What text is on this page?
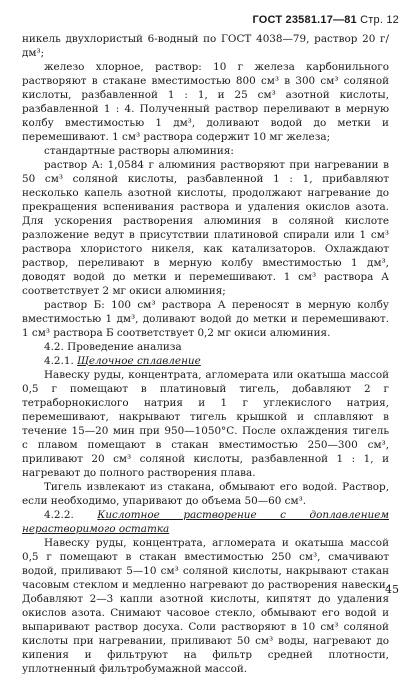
ГОСТ 23581.17—81 Стр. 12

никель двухлористый 6-водный по ГОСТ 4038—79, раствор 20 г/дм³;

железо хлорное, раствор: 10 г железа карбонильного растворяют в стакане вместимостью 800 см³ в 300 см³ соляной кислоты, разбавленной 1 : 1, и 25 см³ азотной кислоты, разбавленной 1 : 4. Полученный раствор переливают в мерную колбу вместимостью 1 дм³, доливают водой до метки и перемешивают. 1 см³ раствора содержит 10 мг железа;

стандартные растворы алюминия:

раствор А: 1,0584 г алюминия растворяют при нагревании в 50 см³ соляной кислоты, разбавленной 1 : 1, прибавляют несколько капель азотной кислоты, продолжают нагревание до прекращения вспенивания раствора и удаления окислов азота. Для ускорения растворения алюминия в соляной кислоте разложение ведут в присутствии платиновой спирали или 1 см³ раствора хлористого никеля, как катализаторов. Охлаждают раствор, переливают в мерную колбу вместимостью 1 дм³, доводят водой до метки и перемешивают. 1 см³ раствора А соответствует 2 мг окиси алюминия;

раствор Б: 100 см³ раствора А переносят в мерную колбу вместимостью 1 дм³, доливают водой до метки и перемешивают. 1 см³ раствора Б соответствует 0,2 мг окиси алюминия.

4.2. Проведение анализа

4.2.1. Щелочное сплавление

Навеску руды, концентрата, агломерата или окатыша массой 0,5 г помещают в платиновый тигель, добавляют 2 г тетраборнокислого натрия и 1 г углекислого натрия, перемешивают, накрывают тигель крышкой и сплавляют в течение 15—20 мин при 950—1050°С. После охлаждения тигель с плавом помещают в стакан вместимостью 250—300 см³, приливают 20 см³ соляной кислоты, разбавленной 1 : 1, и нагревают до полного растворения плава.

Тигель извлекают из стакана, обмывают его водой. Раствор, если необходимо, упаривают до объема 50—60 см³.

4.2.2. Кислотное растворение с доплавлением нерастворимого остатка

Навеску руды, концентрата, агломерата и окатыша массой 0,5 г помещают в стакан вместимостью 250 см³, смачивают водой, приливают 5—10 см³ соляной кислоты, накрывают стакан часовым стеклом и медленно нагревают до растворения навески. Добавляют 2—3 капли азотной кислоты, кипятят до удаления окислов азота. Снимают часовое стекло, обмывают его водой и выпаривают раствор досуха. Соли растворяют в 10 см³ соляной кислоты при нагревании, приливают 50 см³ воды, нагревают до кипения и фильтруют на фильтр средней плотности, уплотненный фильтробумажной массой.

45
